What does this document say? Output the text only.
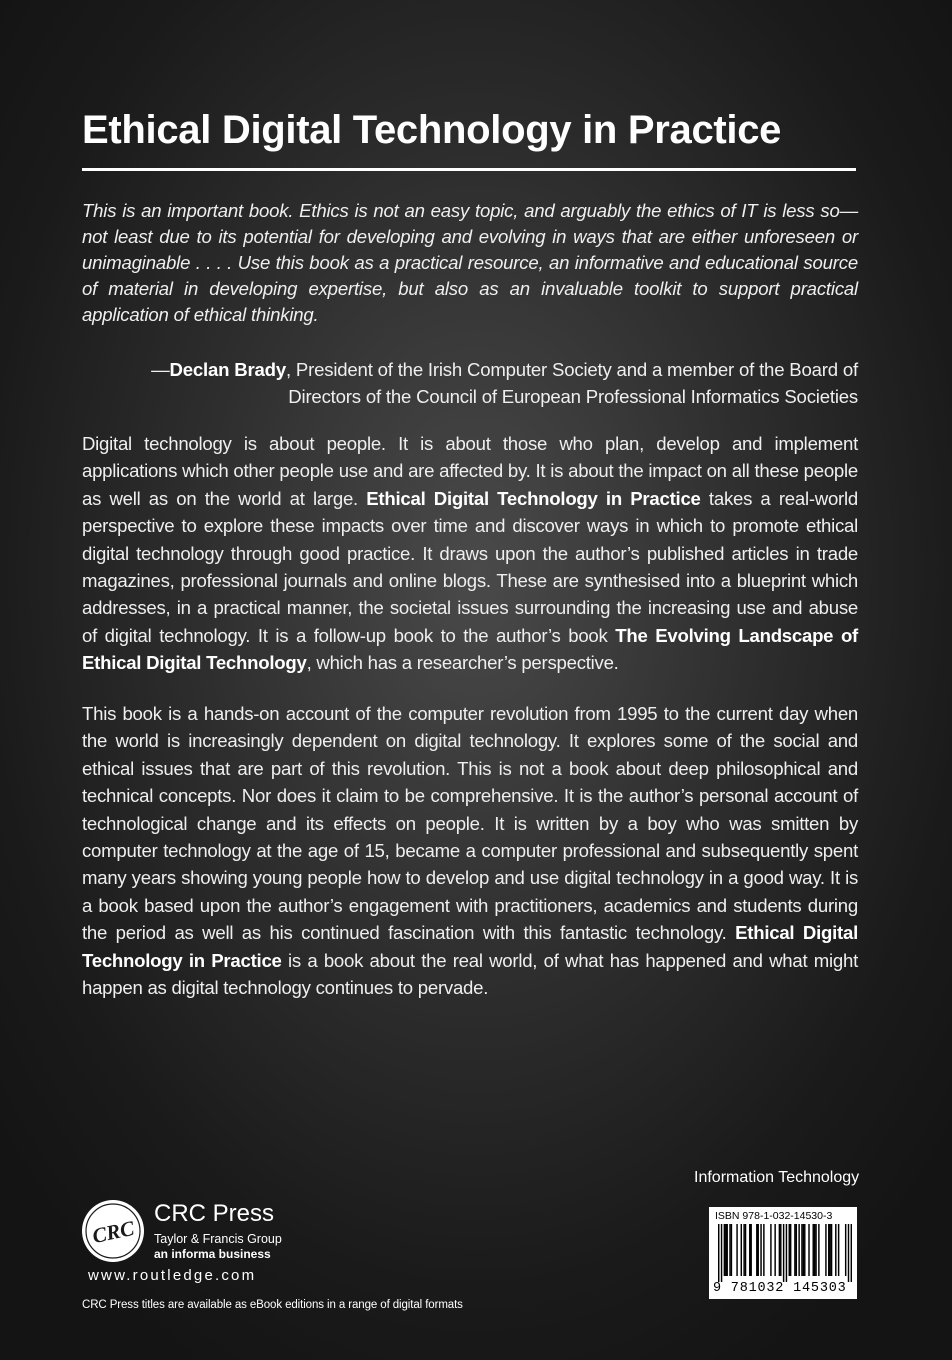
Ethical Digital Technology in Practice
This is an important book. Ethics is not an easy topic, and arguably the ethics of IT is less so—not least due to its potential for developing and evolving in ways that are either unforeseen or unimaginable . . . . Use this book as a practical resource, an informative and educational source of material in developing expertise, but also as an invaluable toolkit to support practical application of ethical thinking.
—Declan Brady, President of the Irish Computer Society and a member of the Board of
Directors of the Council of European Professional Informatics Societies
Digital technology is about people. It is about those who plan, develop and implement applications which other people use and are affected by. It is about the impact on all these people as well as on the world at large. Ethical Digital Technology in Practice takes a real-world perspective to explore these impacts over time and discover ways in which to promote ethical digital technology through good practice. It draws upon the author’s published articles in trade magazines, professional journals and online blogs. These are synthesised into a blueprint which addresses, in a practical manner, the societal issues surrounding the increasing use and abuse of digital technology. It is a follow-up book to the author’s book The Evolving Landscape of Ethical Digital Technology, which has a researcher’s perspective.
This book is a hands-on account of the computer revolution from 1995 to the current day when the world is increasingly dependent on digital technology. It explores some of the social and ethical issues that are part of this revolution. This is not a book about deep philosophical and technical concepts. Nor does it claim to be comprehensive. It is the author’s personal account of technological change and its effects on people. It is written by a boy who was smitten by computer technology at the age of 15, became a computer professional and subsequently spent many years showing young people how to develop and use digital technology in a good way. It is a book based upon the author’s engagement with practitioners, academics and students during the period as well as his continued fascination with this fantastic technology. Ethical Digital Technology in Practice is a book about the real world, of what has happened and what might happen as digital technology continues to pervade.
Information Technology
CRC
CRC Press
Taylor & Francis Group
an informa business
www.routledge.com
CRC Press titles are available as eBook editions in a range of digital formats
ISBN 978-1-032-14530-3
9 781032 145303
